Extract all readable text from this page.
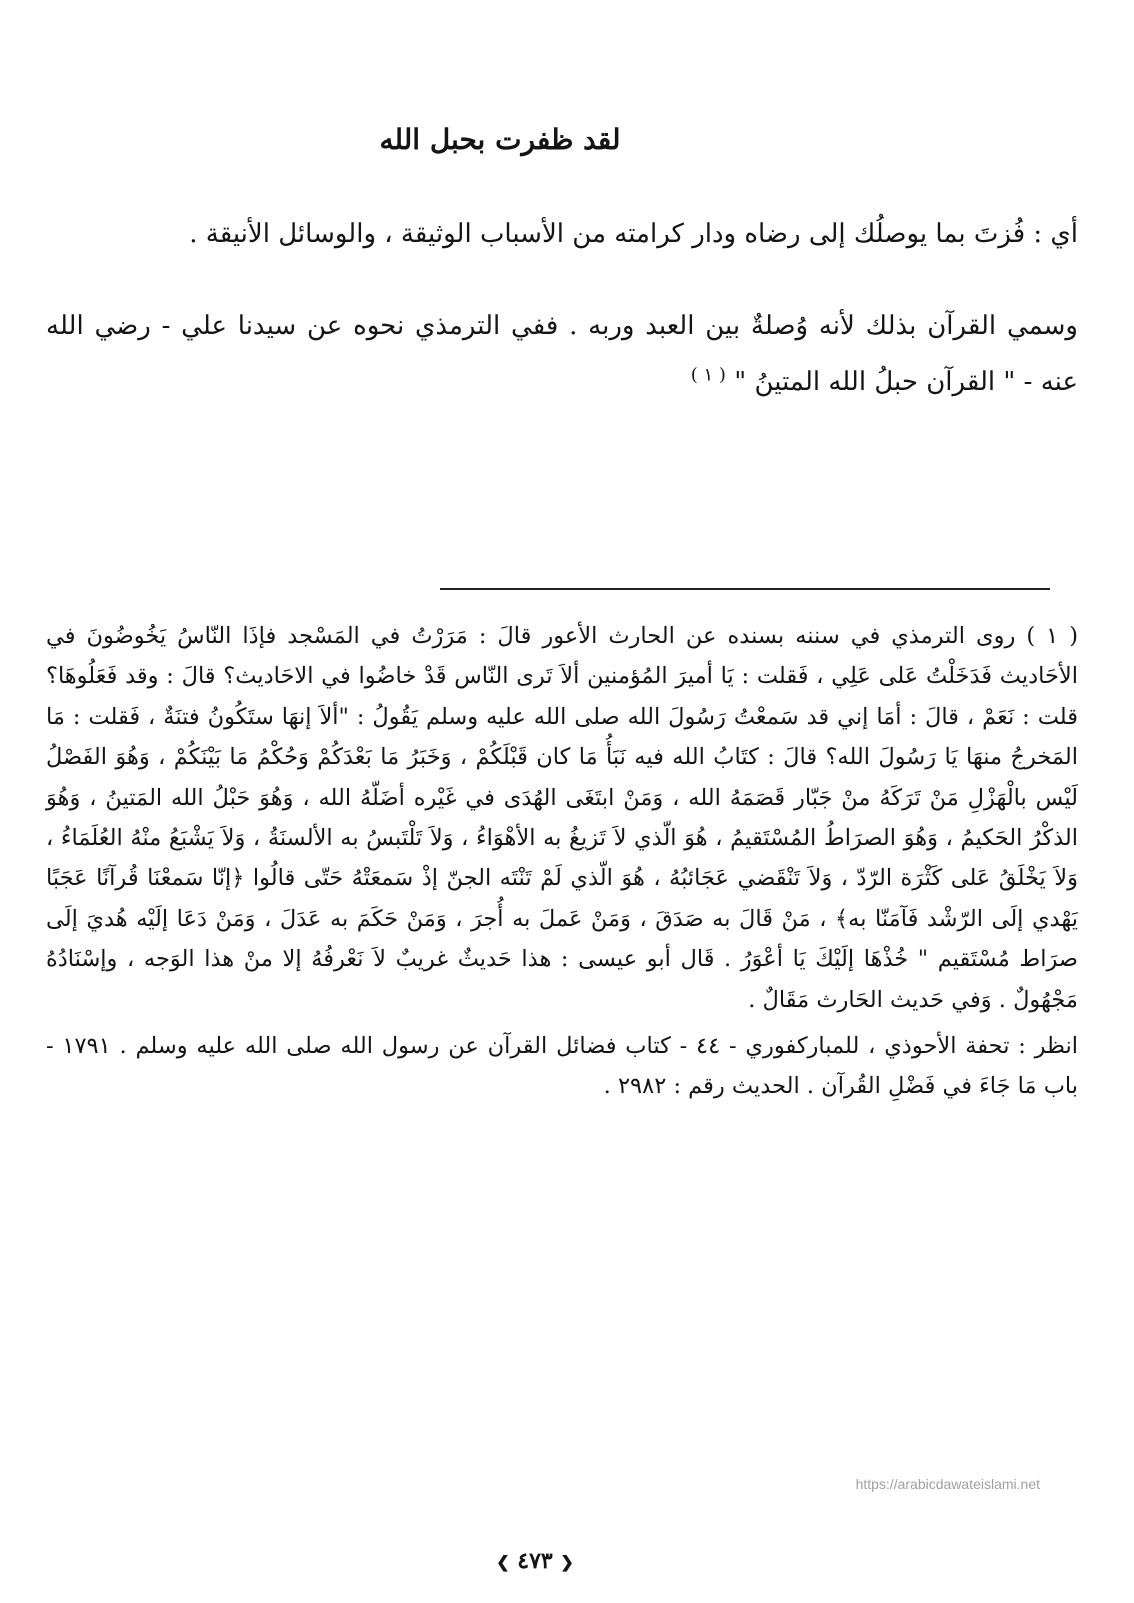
لقد ظفرت بحبل الله

أي : فُزتَ بما يوصلُك إلى رضاه ودار كرامته من الأسباب الوثيقة ، والوسائل الأنيقة .

وسمي القرآن بذلك لأنه وُصلةٌ بين العبد وربه . ففي الترمذي نحوه عن سيدنا علي - رضي الله عنه - " القرآن حبلُ الله المتينُ " $^{( ١ )}$

( ١ ) روى الترمذي في سننه بسنده عن الحارث الأعور قالَ : مَرَرْتُ في المَسْجد فإذَا النّاسُ يَخُوضُونَ في الأحَاديث فَدَخَلْتُ عَلى عَلِي ، فَقلت : يَا أميرَ المُؤمنين ألاَ تَرى النّاس قَدْ خاضُوا في الاحَاديث؟ قالَ : وقد فَعَلُوهَا؟ قلت : نَعَمْ ، قالَ : أمَا إني قد سَمعْتُ رَسُولَ الله صلى الله عليه وسلم يَقُولُ : "ألاَ إنهَا ستَكُونُ فتنَةٌ ، فَقلت : مَا المَخرجُ منهَا يَا رَسُولَ الله؟ قالَ : كتَابُ الله فيه نَبَأُ مَا كان قَبْلَكُمْ ، وَخَبَرُ مَا بَعْدَكُمْ وَحُكْمُ مَا بَيْنَكُمْ ، وَهُوَ الفَصْلُ لَيْس بالْهَزْلِ مَنْ تَرَكَهُ منْ جَبّار قَصَمَهُ الله ، وَمَنْ ابتَغَى الهُدَى في غَيْره أضَلّهُ الله ، وَهُوَ حَبْلُ الله المَتينُ ، وَهُوَ الذكْرُ الحَكيمُ ، وَهُوَ الصرَاطُ المُسْتَقيمُ ، هُوَ الّذي لاَ تَزيغُ به الأهْوَاءُ ، وَلاَ تَلْتَبسُ به الألسنَةُ ، وَلاَ يَشْبَعُ منْهُ العُلَمَاءُ ، وَلاَ يَخْلَقُ عَلى كَثْرَة الرّدّ ، وَلاَ تَنْقَضي عَجَائبُهُ ، هُوَ الّذي لَمْ تَنْتَه الجنّ إذْ سَمعَتْهُ حَتّى قالُوا ﴿إنّا سَمعْنَا قُرآنًا عَجَبًا يَهْدي إلَى الرّشْد فَآمَنّا به﴾ ، مَنْ قَالَ به صَدَقَ ، وَمَنْ عَملَ به أُجرَ ، وَمَنْ حَكَمَ به عَدَلَ ، وَمَنْ دَعَا إلَيْه هُديَ إلَى صرَاط مُسْتَقيم " خُذْهَا إلَيْكَ يَا أعْوَرُ . قَال أبو عيسى : هذا حَديثٌ غريبٌ لاَ نَعْرفُهُ إلا منْ هذا الوَجه ، وإسْنَادُهُ مَجْهُولٌ . وَفي حَديث الحَارث مَقَالٌ .

انظر : تحفة الأحوذي ، للمباركفوري - ٤٤ - كتاب فضائل القرآن عن رسول الله صلى الله عليه وسلم . ١٧٩١ - باب مَا جَاءَ في فَضْلِ القُرآن . الحديث رقم : ٢٩٨٢ .

https://arabicdawateislami.net
❮ ٤٧٣ ❯
